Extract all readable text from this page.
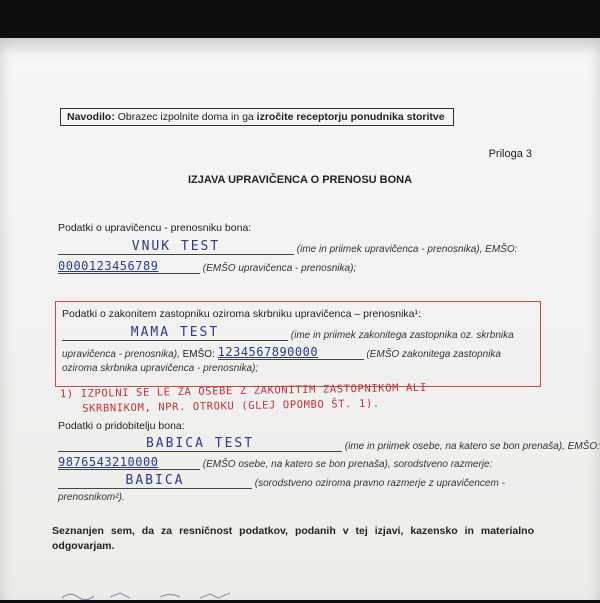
Navodilo: Obrazec izpolnite doma in ga izročite receptorju ponudnika storitve
Priloga 3
IZJAVA UPRAVIČENCA O PRENOSU BONA
Podatki o upravičencu - prenosniku bona:
VNUK TEST	(ime in priimek upravičenca - prenosnika), EMŠO:
0000123456789	(EMŠO upravičenca - prenosnika);
Podatki o zakonitem zastopniku oziroma skrbniku upravičenca – prenosnika¹:
MAMA TEST	(ime in priimek zakonitega zastopnika oz. skrbnika
upravičenca - prenosnika), EMŠO: 1234567890000	(EMŠO zakonitega zastopnika
oziroma skrbnika upravičenca - prenosnika);
1) IZPOLNI SE LE ZA OSEBE Z ZAKONITIM ZASTOPNIKOM ALI
SKRBNIKOM, NPR. OTROKU (GLEJ OPOMBO ŠT. 1).
Podatki o pridobitelju bona:
BABICA TEST	(ime in priimek osebe, na katero se bon prenaša), EMŠO:
9876543210000	(EMŠO osebe, na katero se bon prenaša), sorodstveno razmerje:
BABICA	(sorodstveno oziroma pravno razmerje z upravičencem -
prenosnikom²).
Seznanjen sem, da za resničnost podatkov, podanih v tej izjavi, kazensko in materialno odgovarjam.
